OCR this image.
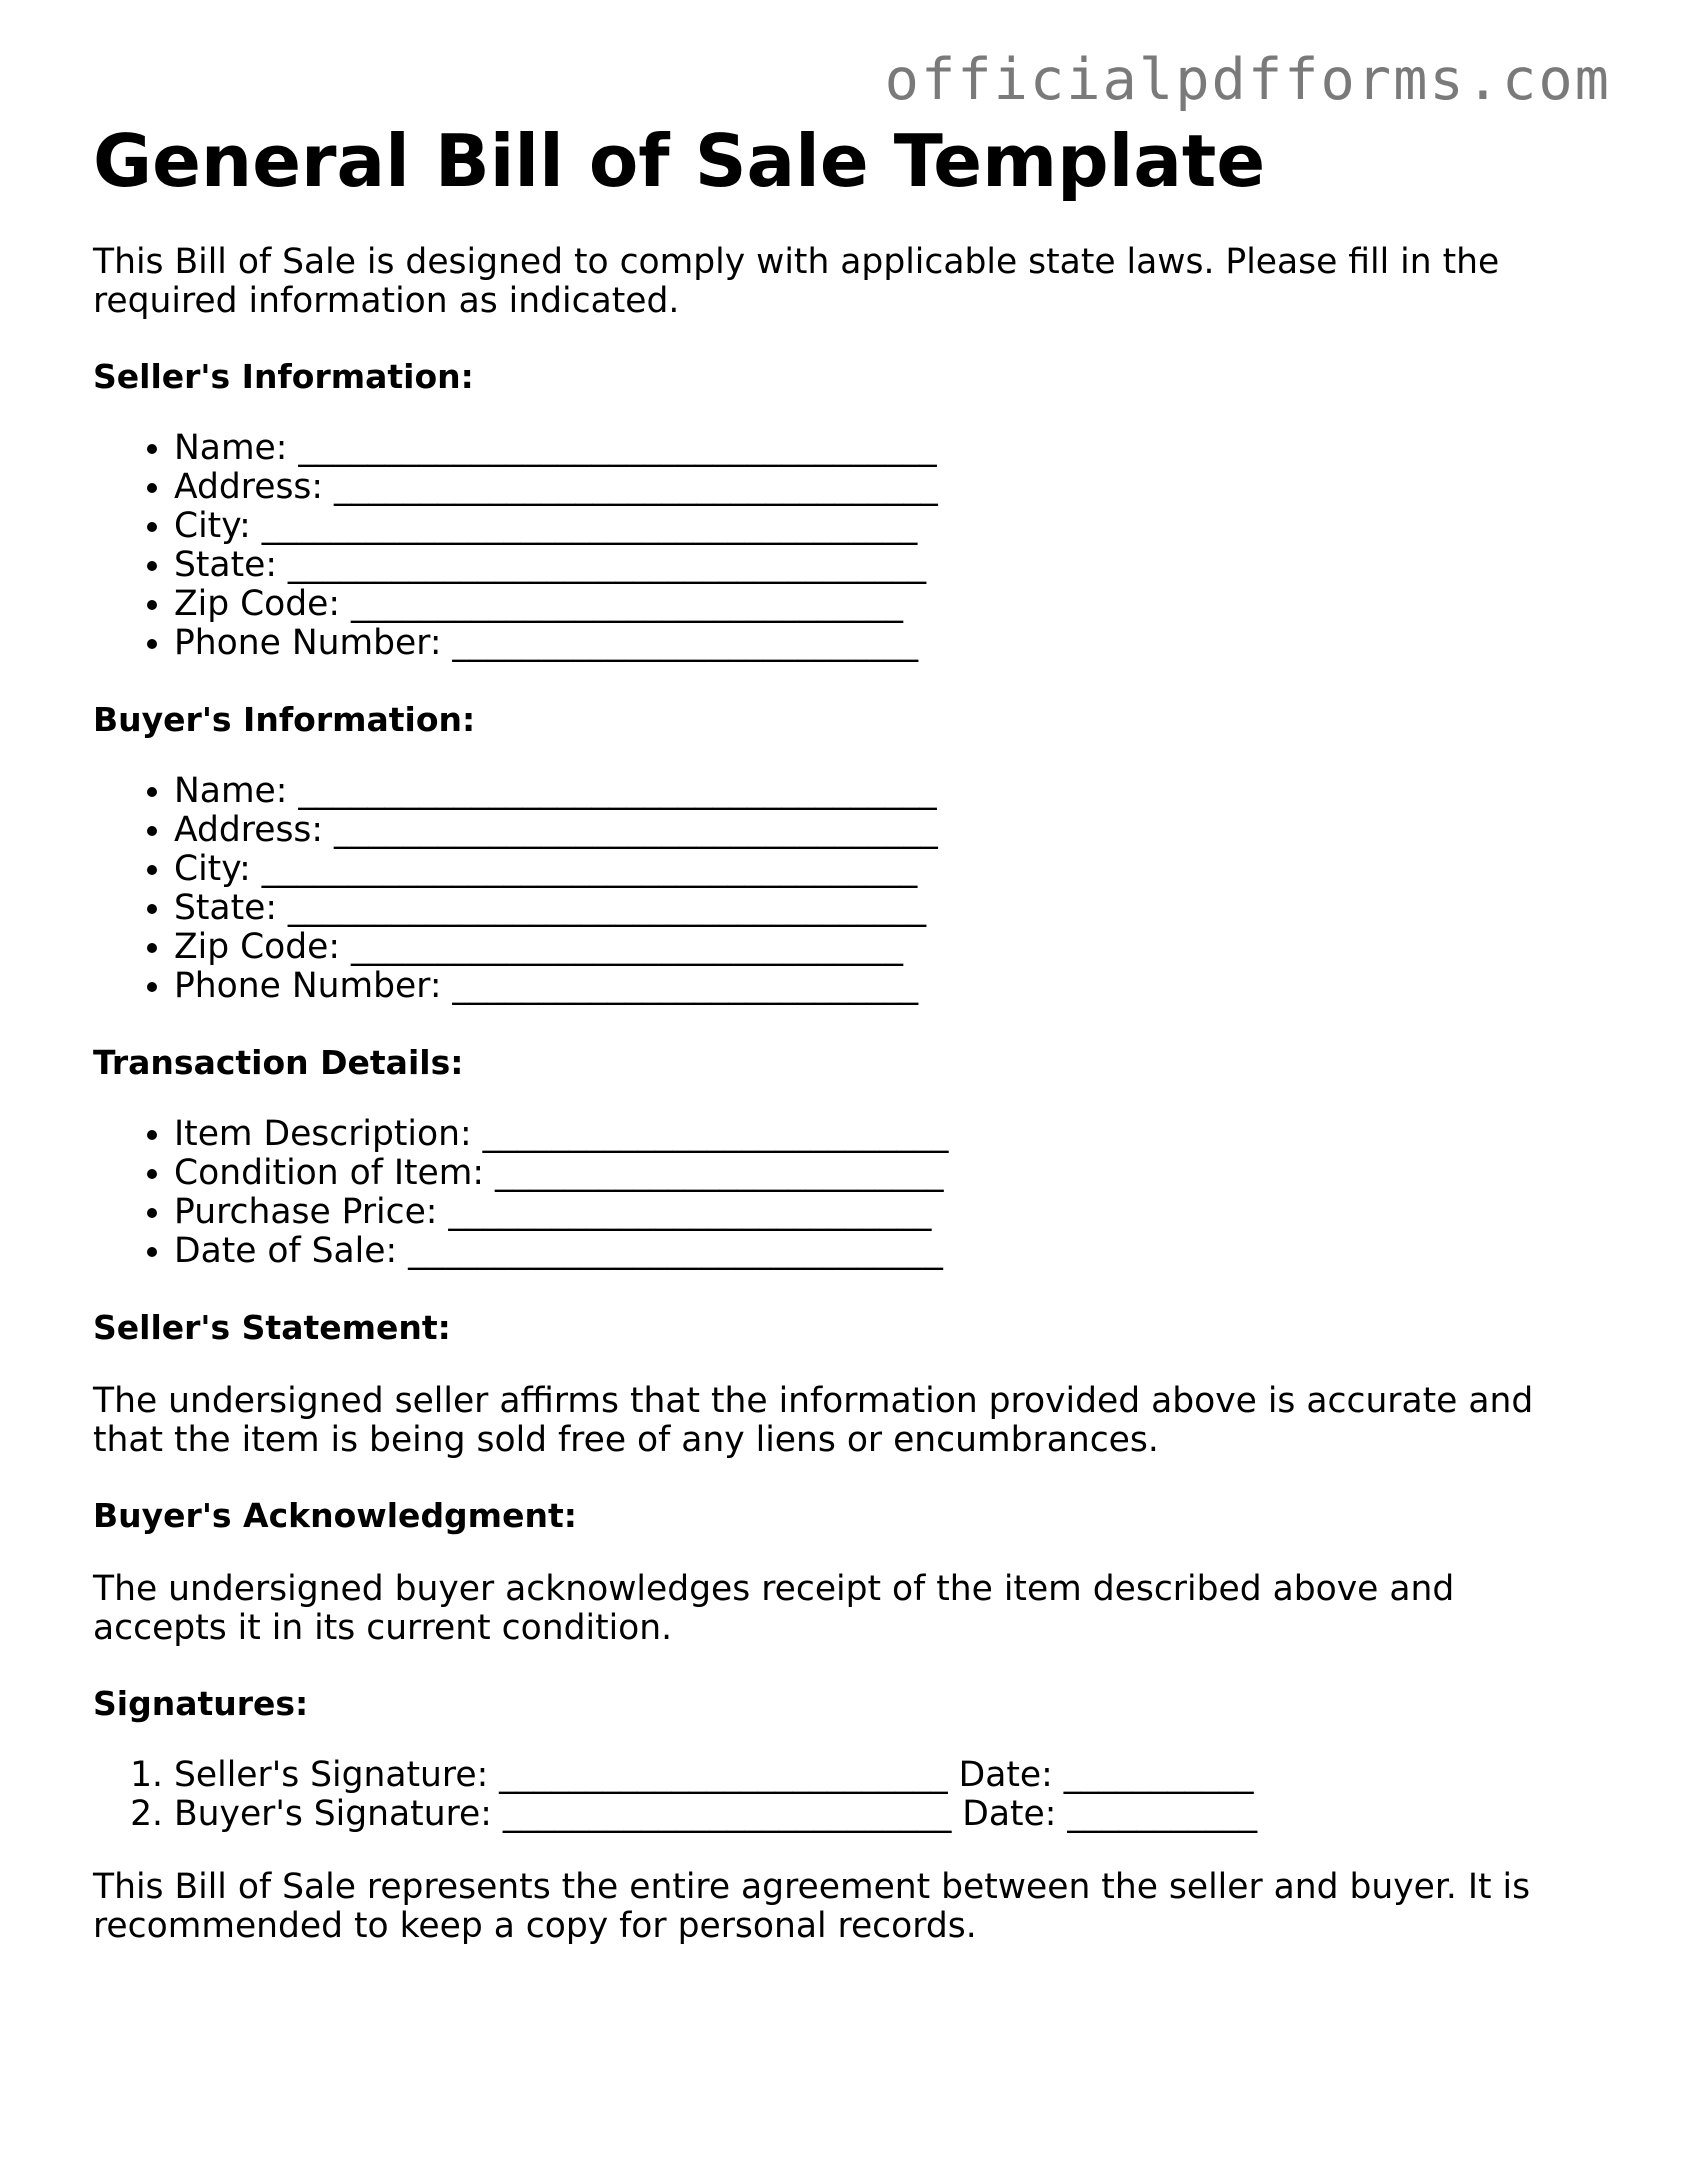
officialpdfforms.com
General Bill of Sale Template

This Bill of Sale is designed to comply with applicable state laws. Please fill in the required information as indicated.

Seller's Information:
• Name: _____________________________________
• Address: ___________________________________
• City: ______________________________________
• State: _____________________________________
• Zip Code: ________________________________
• Phone Number: ___________________________
Buyer's Information:
• Name: _____________________________________
• Address: ___________________________________
• City: ______________________________________
• State: _____________________________________
• Zip Code: ________________________________
• Phone Number: ___________________________
Transaction Details:
• Item Description: ___________________________
• Condition of Item: __________________________
• Purchase Price: ____________________________
• Date of Sale: _______________________________
Seller's Statement:

The undersigned seller affirms that the information provided above is accurate and that the item is being sold free of any liens or encumbrances.

Buyer's Acknowledgment:

The undersigned buyer acknowledges receipt of the item described above and accepts it in its current condition.

Signatures:
1. Seller's Signature: __________________________ Date: ___________
2. Buyer's Signature: __________________________ Date: ___________

This Bill of Sale represents the entire agreement between the seller and buyer. It is recommended to keep a copy for personal records.
